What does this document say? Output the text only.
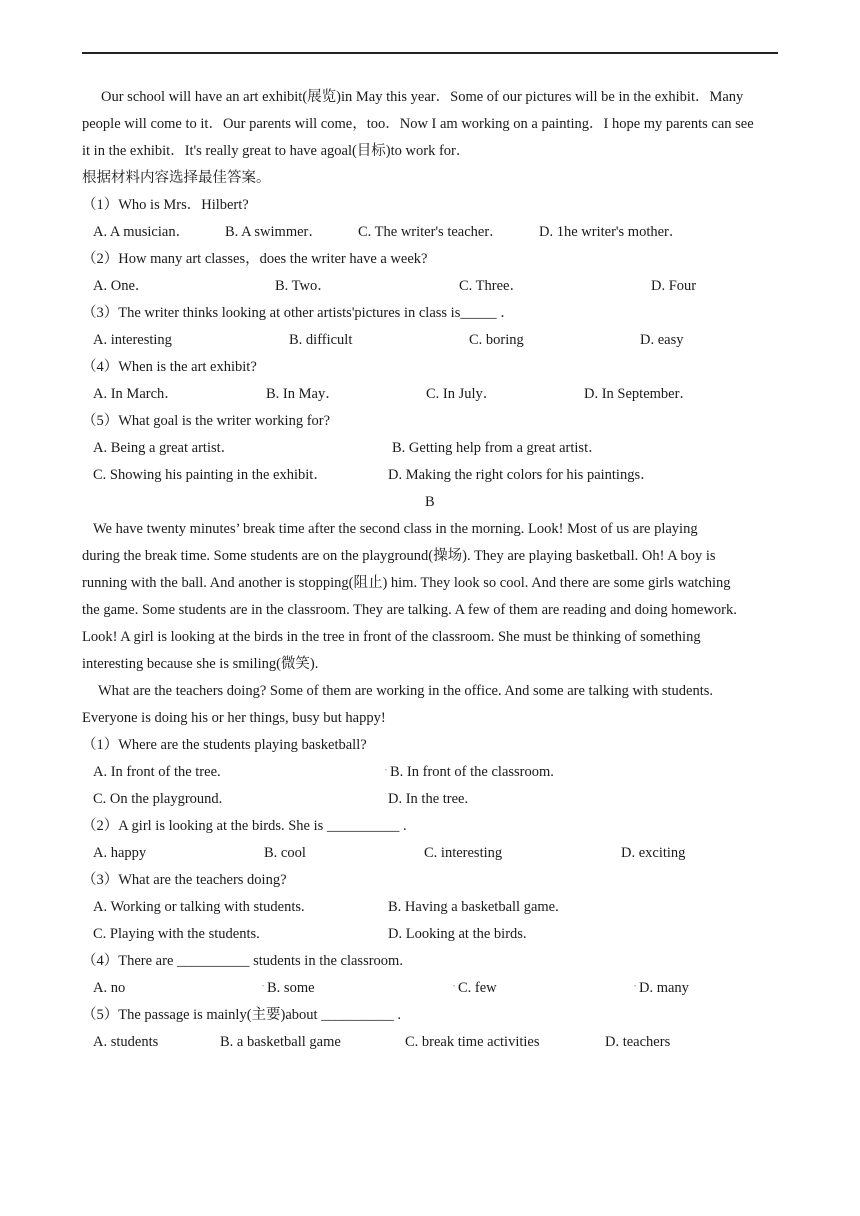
Our school will have an art exhibit(展览)in May this year．Some of our pictures will be in the exhibit．Many
people will come to it．Our parents will come，too．Now I am working on a painting．I hope my parents can see
it in the exhibit．It's really great to have agoal(目标)to work for．
根据材料内容选择最佳答案。
（1）Who is Mrs．Hilbert?
A. A musician． B. A swimmer． C. The writer's teacher． D. 1he writer's mother．
（2）How many art classes，does the writer have a week?
A. One．	B. Two．	C. Three．	D. Four
（3）The writer thinks looking at other artists'pictures in class is_____ ．
A. interesting	B. difficult	C. boring	D. easy
（4）When is the art exhibit?
A. In March．	B. In May．	C. In July．	D. In September．
（5）What goal is the writer working for?
A. Being a great artist．	B. Getting help from a great artist．
C. Showing his painting in the exhibit．	D. Making the right colors for his paintings．
B
We have twenty minutes’ break time after the second class in the morning. Look! Most of us are playing
during the break time. Some students are on the playground(操场). They are playing basketball. Oh! A boy is
running with the ball. And another is stopping(阻止) him. They look so cool. And there are some girls watching
the game. Some students are in the classroom. They are talking. A few of them are reading and doing homework.
Look! A girl is looking at the birds in the tree in front of the classroom. She must be thinking of something
interesting because she is smiling(微笑).
What are the teachers doing? Some of them are working in the office. And some are talking with students.
Everyone is doing his or her things, busy but happy!
（1）Where are the students playing basketball?
A. In front of the tree.	• B. In front of the classroom.
C. On the playground.	D. In the tree.
（2）A girl is looking at the birds. She is __________ .
A. happy	B. cool	C. interesting	D. exciting
（3）What are the teachers doing?
A. Working or talking with students.	B. Having a basketball game.
C. Playing with the students.	D. Looking at the birds.
（4）There are __________ students in the classroom.
A. no	• B. some	• C. few	• D. many
（5）The passage is mainly(主要)about __________ .
A. students	B. a basketball game	C. break time activities	D. teachers
